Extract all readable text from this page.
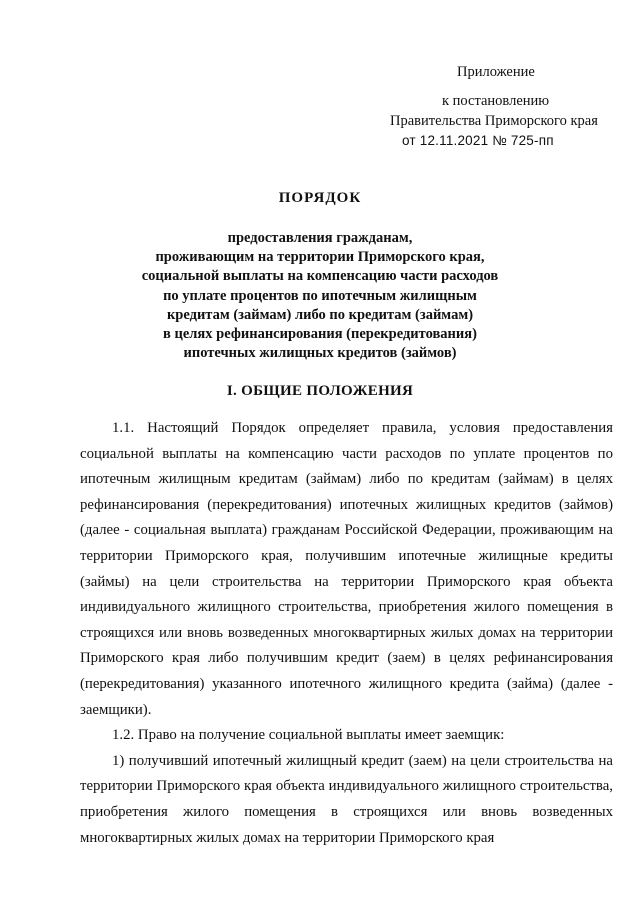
Приложение
к постановлению
Правительства Приморского края
от 12.11.2021 № 725-пп
ПОРЯДОК
предоставления гражданам,
проживающим на территории Приморского края,
социальной выплаты на компенсацию части расходов
по уплате процентов по ипотечным жилищным
кредитам (займам) либо по кредитам (займам)
в целях рефинансирования (перекредитования)
ипотечных жилищных кредитов (займов)
I. ОБЩИЕ ПОЛОЖЕНИЯ

1.1. Настоящий Порядок определяет правила, условия предоставления социальной выплаты на компенсацию части расходов по уплате процентов по ипотечным жилищным кредитам (займам) либо по кредитам (займам) в целях рефинансирования (перекредитования) ипотечных жилищных кредитов (займов) (далее - социальная выплата) гражданам Российской Федерации, проживающим на территории Приморского края, получившим ипотечные жилищные кредиты (займы) на цели строительства на территории Приморского края объекта индивидуального жилищного строительства, приобретения жилого помещения в строящихся или вновь возведенных многоквартирных жилых домах на территории Приморского края либо получившим кредит (заем) в целях рефинансирования (перекредитования) указанного ипотечного жилищного кредита (займа) (далее - заемщики).

1.2. Право на получение социальной выплаты имеет заемщик:

1) получивший ипотечный жилищный кредит (заем) на цели строительства на территории Приморского края объекта индивидуального жилищного строительства, приобретения жилого помещения в строящихся или вновь возведенных многоквартирных жилых домах на территории Приморского края
